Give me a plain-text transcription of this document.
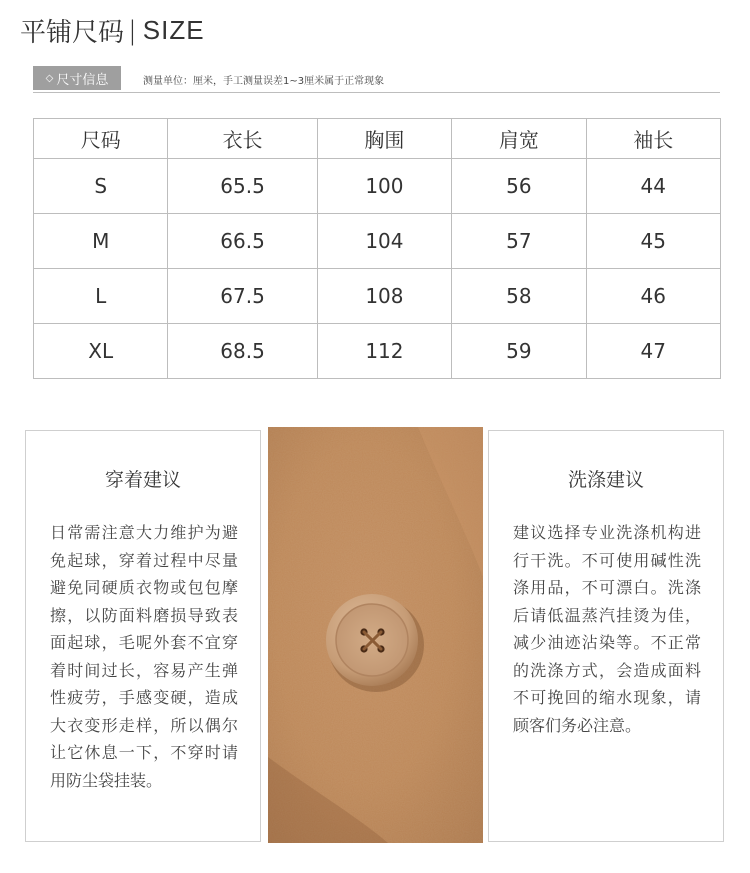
平铺尺码 | SIZE
◇ 尺寸信息	测量单位：厘米，手工测量误差1~3厘米属于正常现象
尺码	衣长	胸围	肩宽	袖长
S	65.5	100	56	44
M	66.5	104	57	45
L	67.5	108	58	46
XL	68.5	112	59	47
穿着建议

日常需注意大力维护为避免起球，穿着过程中尽量避免同硬质衣物或包包摩擦，以防面料磨损导致表面起球，毛呢外套不宜穿着时间过长，容易产生弹性疲劳，手感变硬，造成大衣变形走样，所以偶尔让它休息一下，不穿时请用防尘袋挂装。

洗涤建议

建议选择专业洗涤机构进行干洗。不可使用碱性洗涤用品，不可漂白。洗涤后请低温蒸汽挂烫为佳，减少油迹沾染等。不正常的洗涤方式，会造成面料不可挽回的缩水现象，请顾客们务必注意。
